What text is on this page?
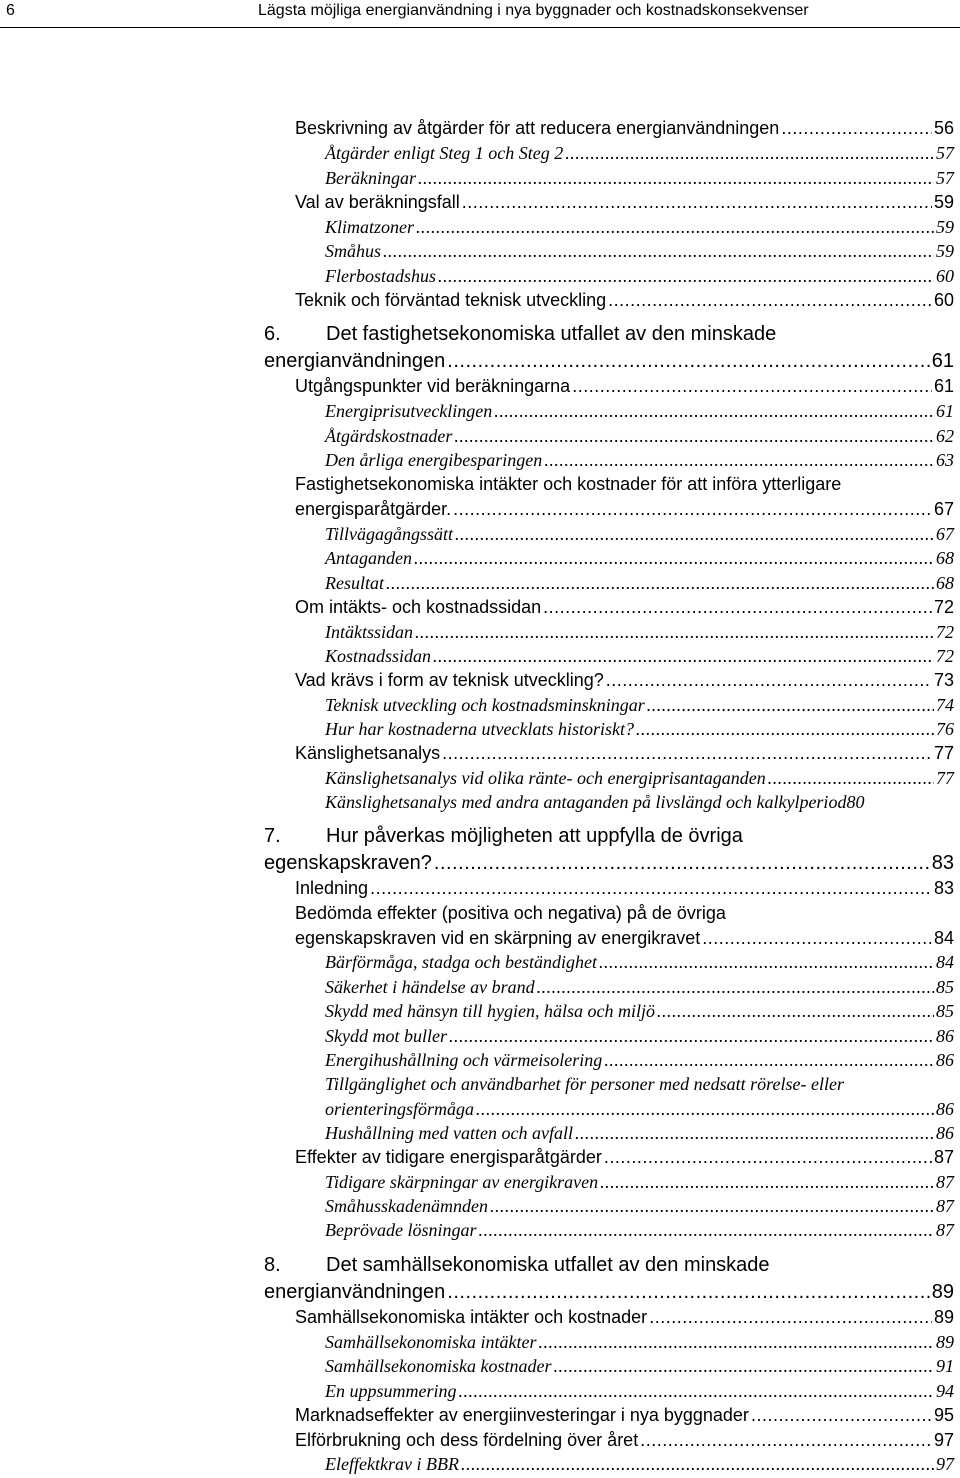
6	Lägsta möjliga energianvändning i nya byggnader och kostnadskonsekvenser
Beskrivning av åtgärder för att reducera energianvändningen .....	56
Åtgärder enligt Steg 1 och Steg 2 .....	57
Beräkningar .....	57
Val av beräkningsfall .....	59
Klimatzoner .....	59
Småhus .....	59
Flerbostadshus .....	60
Teknik och förväntad teknisk utveckling .....	60
6. Det fastighetsekonomiska utfallet av den minskade
energianvändningen .....	61
Utgångspunkter vid beräkningarna .....	61
Energiprisutvecklingen .....	61
Åtgärdskostnader .....	62
Den årliga energibesparingen .....	63
Fastighetsekonomiska intäkter och kostnader för att införa ytterligare
energisparåtgärder. .....	67
Tillvägagångssätt .....	67
Antaganden .....	68
Resultat .....	68
Om intäkts- och kostnadssidan .....	72
Intäktssidan .....	72
Kostnadssidan .....	72
Vad krävs i form av teknisk utveckling? .....	73
Teknisk utveckling och kostnadsminskningar .....	74
Hur har kostnaderna utvecklats historiskt? .....	76
Känslighetsanalys .....	77
Känslighetsanalys vid olika ränte- och energiprisantaganden .....	77
Känslighetsanalys med andra antaganden på livslängd och kalkylperiod 80
7. Hur påverkas möjligheten att uppfylla de övriga
egenskapskraven? .....	83
Inledning .....	83
Bedömda effekter (positiva och negativa) på de övriga
egenskapskraven vid en skärpning av energikravet .....	84
Bärförmåga, stadga och beständighet .....	84
Säkerhet i händelse av brand .....	85
Skydd med hänsyn till hygien, hälsa och miljö .....	85
Skydd mot buller .....	86
Energihushållning och värmeisolering .....	86
Tillgänglighet och användbarhet för personer med nedsatt rörelse- eller
orienteringsförmåga .....	86
Hushållning med vatten och avfall .....	86
Effekter av tidigare energisparåtgärder .....	87
Tidigare skärpningar av energikraven .....	87
Småhusskadenämnden .....	87
Beprövade lösningar .....	87
8. Det samhällsekonomiska utfallet av den minskade
energianvändningen .....	89
Samhällsekonomiska intäkter och kostnader .....	89
Samhällsekonomiska intäkter .....	89
Samhällsekonomiska kostnader .....	91
En uppsummering .....	94
Marknadseffekter av energiinvesteringar i nya byggnader .....	95
Elförbrukning och dess fördelning över året .....	97
Eleffektkrav i BBR .....	97
